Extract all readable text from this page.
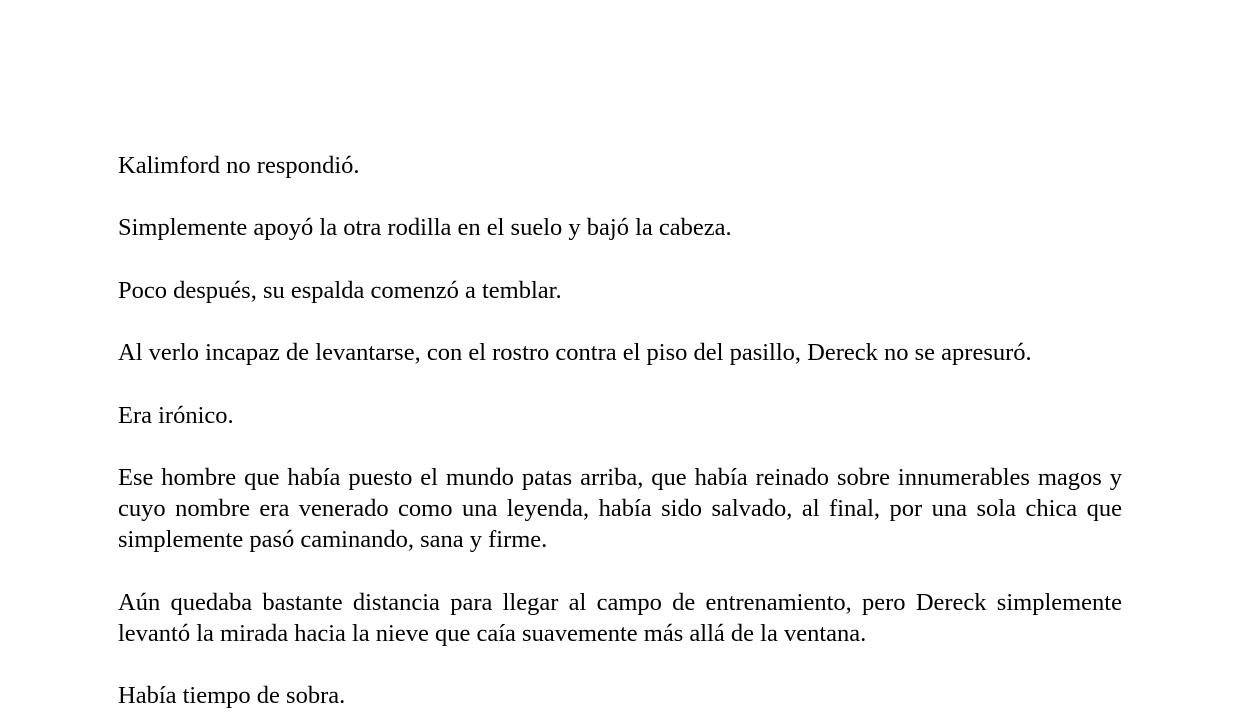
Kalimford no respondió.

Simplemente apoyó la otra rodilla en el suelo y bajó la cabeza.

Poco después, su espalda comenzó a temblar.

Al verlo incapaz de levantarse, con el rostro contra el piso del pasillo, Dereck no se apresuró.

Era irónico.

Ese hombre que había puesto el mundo patas arriba, que había reinado sobre innumerables magos y cuyo nombre era venerado como una leyenda, había sido salvado, al final, por una sola chica que simplemente pasó caminando, sana y firme.

Aún quedaba bastante distancia para llegar al campo de entrenamiento, pero Dereck simplemente levantó la mirada hacia la nieve que caía suavemente más allá de la ventana.

Había tiempo de sobra.
